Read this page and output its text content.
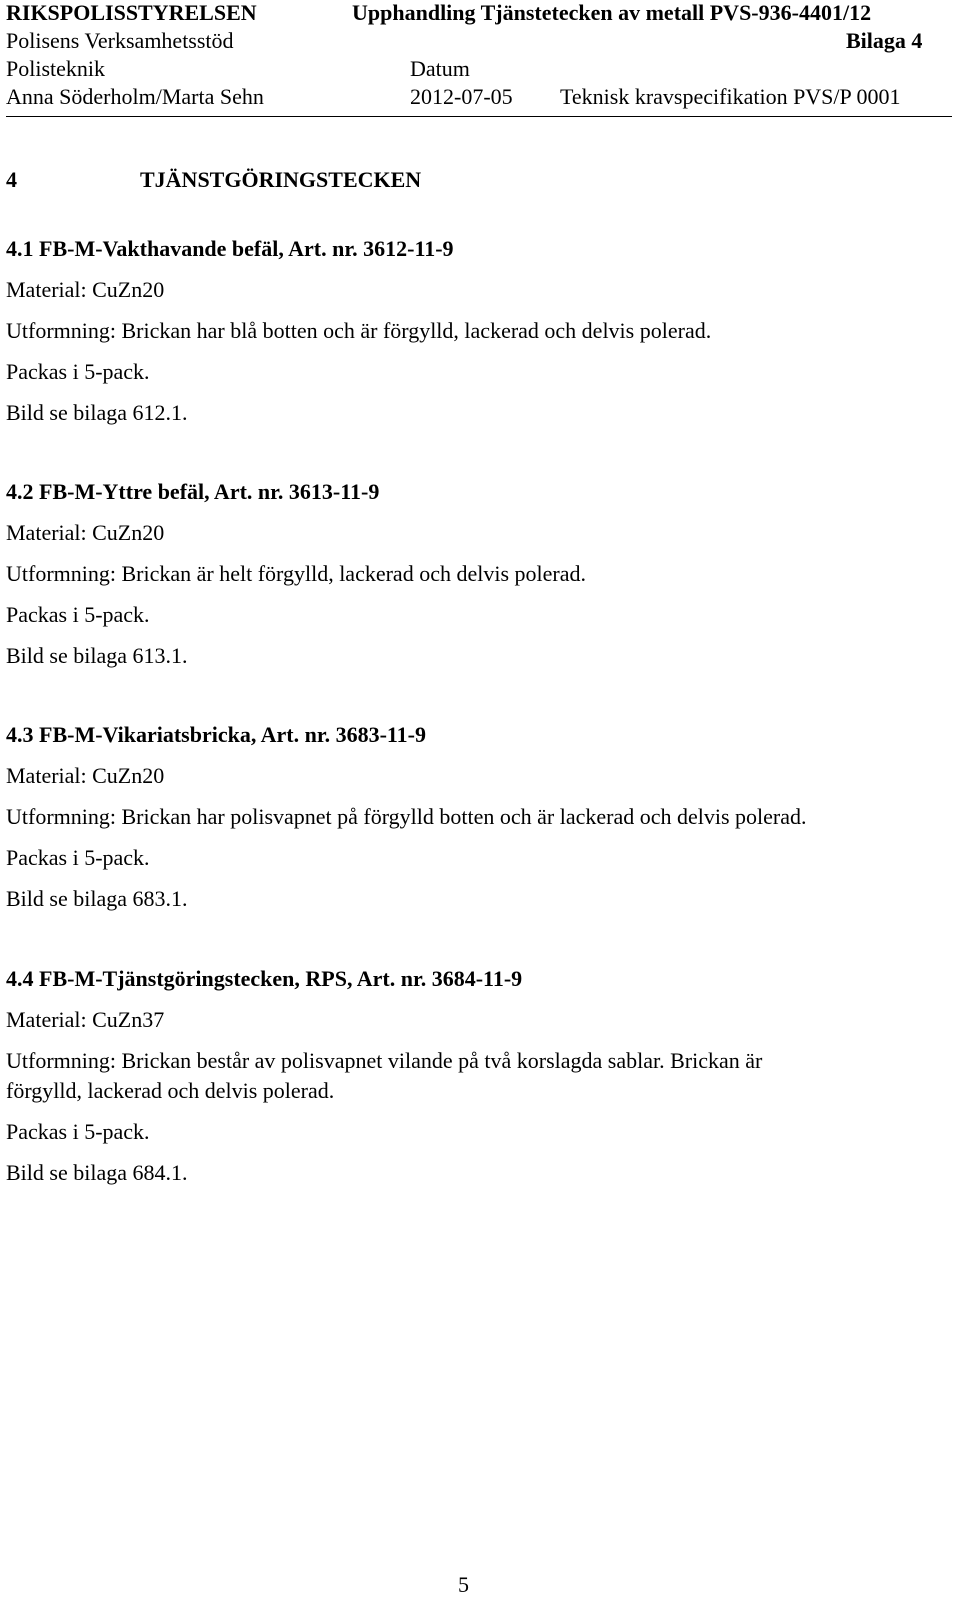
RIKSPOLISSTYRELSEN	Upphandling Tjänstetecken av metall PVS-936-4401/12
Polisens Verksamhetsstöd	Bilaga 4
Polisteknik	Datum
Anna Söderholm/Marta Sehn	2012-07-05 Teknisk kravspecifikation PVS/P 0001
4	TJÄNSTGÖRINGSTECKEN
4.1 FB-M-Vakthavande befäl, Art. nr. 3612-11-9
Material: CuZn20
Utformning: Brickan har blå botten och är förgylld, lackerad och delvis polerad.
Packas i 5-pack.
Bild se bilaga 612.1.
4.2 FB-M-Yttre befäl, Art. nr. 3613-11-9
Material: CuZn20
Utformning: Brickan är helt förgylld, lackerad och delvis polerad.
Packas i 5-pack.
Bild se bilaga 613.1.
4.3 FB-M-Vikariatsbricka, Art. nr. 3683-11-9
Material: CuZn20
Utformning: Brickan har polisvapnet på förgylld botten och är lackerad och delvis polerad.
Packas i 5-pack.
Bild se bilaga 683.1.
4.4 FB-M-Tjänstgöringstecken, RPS, Art. nr. 3684-11-9
Material: CuZn37
Utformning: Brickan består av polisvapnet vilande på två korslagda sablar. Brickan är
förgylld, lackerad och delvis polerad.
Packas i 5-pack.
Bild se bilaga 684.1.
5
